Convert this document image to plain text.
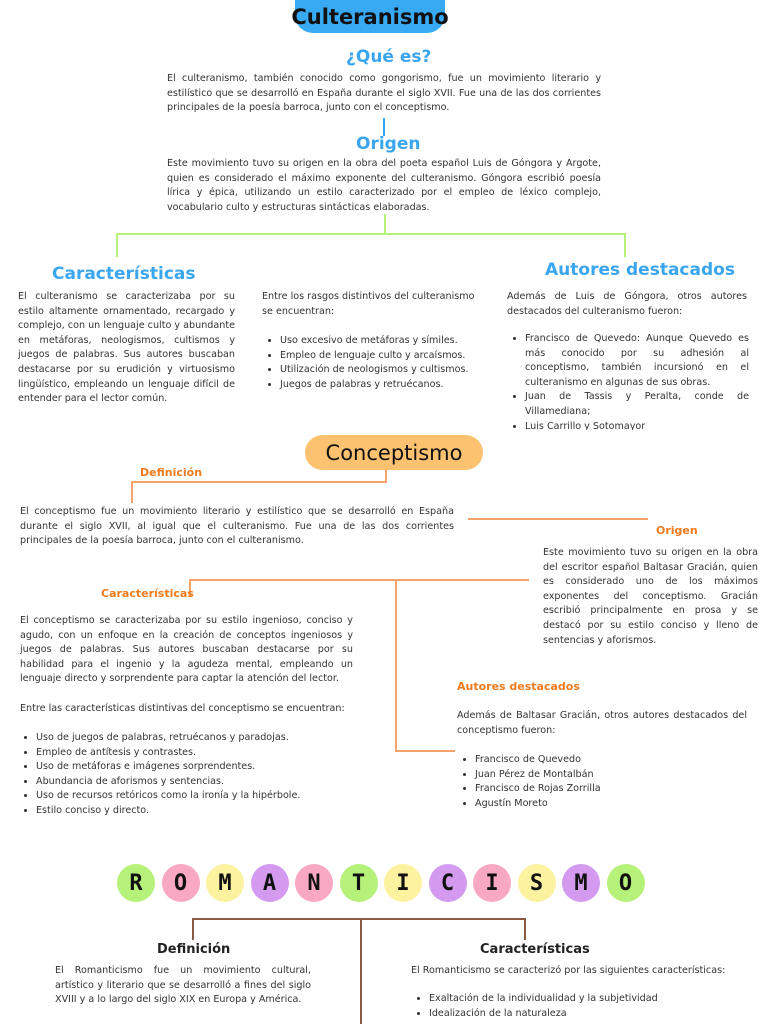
Culteranismo
¿Qué es?

El culteranismo, también conocido como gongorismo, fue un movimiento literario y estilístico que se desarrolló en España durante el siglo XVII. Fue una de las dos corrientes principales de la poesía barroca, junto con el conceptismo.

Origen

Este movimiento tuvo su origen en la obra del poeta español Luis de Góngora y Argote, quien es considerado el máximo exponente del culteranismo. Góngora escribió poesía lírica y épica, utilizando un estilo caracterizado por el empleo de léxico complejo, vocabulario culto y estructuras sintácticas elaboradas.

Características

El culteranismo se caracterizaba por su estilo altamente ornamentado, recargado y complejo, con un lenguaje culto y abundante en metáforas, neologismos, cultismos y juegos de palabras. Sus autores buscaban destacarse por su erudición y virtuosismo lingüístico, empleando un lenguaje difícil de entender para el lector común.

Entre los rasgos distintivos del culteranismo se encuentran:

• Uso excesivo de metáforas y símiles.
• Empleo de lenguaje culto y arcaísmos.
• Utilización de neologismos y cultismos.
• Juegos de palabras y retruécanos.
Autores destacados

Además de Luis de Góngora, otros autores destacados del culteranismo fueron:

• Francisco de Quevedo: Aunque Quevedo es más conocido por su adhesión al conceptismo, también incursionó en el culteranismo en algunas de sus obras.
• Juan de Tassis y Peralta, conde de Villamediana;
• Luis Carrillo y Sotomayor
Conceptismo
Definición

El conceptismo fue un movimiento literario y estilístico que se desarrolló en España durante el siglo XVII, al igual que el culteranismo. Fue una de las dos corrientes principales de la poesía barroca, junto con el culteranismo.

Origen

Este movimiento tuvo su origen en la obra del escritor español Baltasar Gracián, quien es considerado uno de los máximos exponentes del conceptismo. Gracián escribió principalmente en prosa y se destacó por su estilo conciso y lleno de sentencias y aforismos.

Características

El conceptismo se caracterizaba por su estilo ingenioso, conciso y agudo, con un enfoque en la creación de conceptos ingeniosos y juegos de palabras. Sus autores buscaban destacarse por su habilidad para el ingenio y la agudeza mental, empleando un lenguaje directo y sorprendente para captar la atención del lector.

Entre las características distintivas del conceptismo se encuentran:

• Uso de juegos de palabras, retruécanos y paradojas.
• Empleo de antítesis y contrastes.
• Uso de metáforas e imágenes sorprendentes.
• Abundancia de aforismos y sentencias.
• Uso de recursos retóricos como la ironía y la hipérbole.
• Estilo conciso y directo.
Autores destacados

Además de Baltasar Gracián, otros autores destacados del conceptismo fueron:

• Francisco de Quevedo
• Juan Pérez de Montalbán
• Francisco de Rojas Zorrilla
• Agustín Moreto
R	O	M	A	N	T	I	C	I	S	M	O
Definición

El Romanticismo fue un movimiento cultural, artístico y literario que se desarrolló a fines del siglo XVIII y a lo largo del siglo XIX en Europa y América.

Características

El Romanticismo se caracterizó por las siguientes características:

• Exaltación de la individualidad y la subjetividad
• Idealización de la naturaleza
